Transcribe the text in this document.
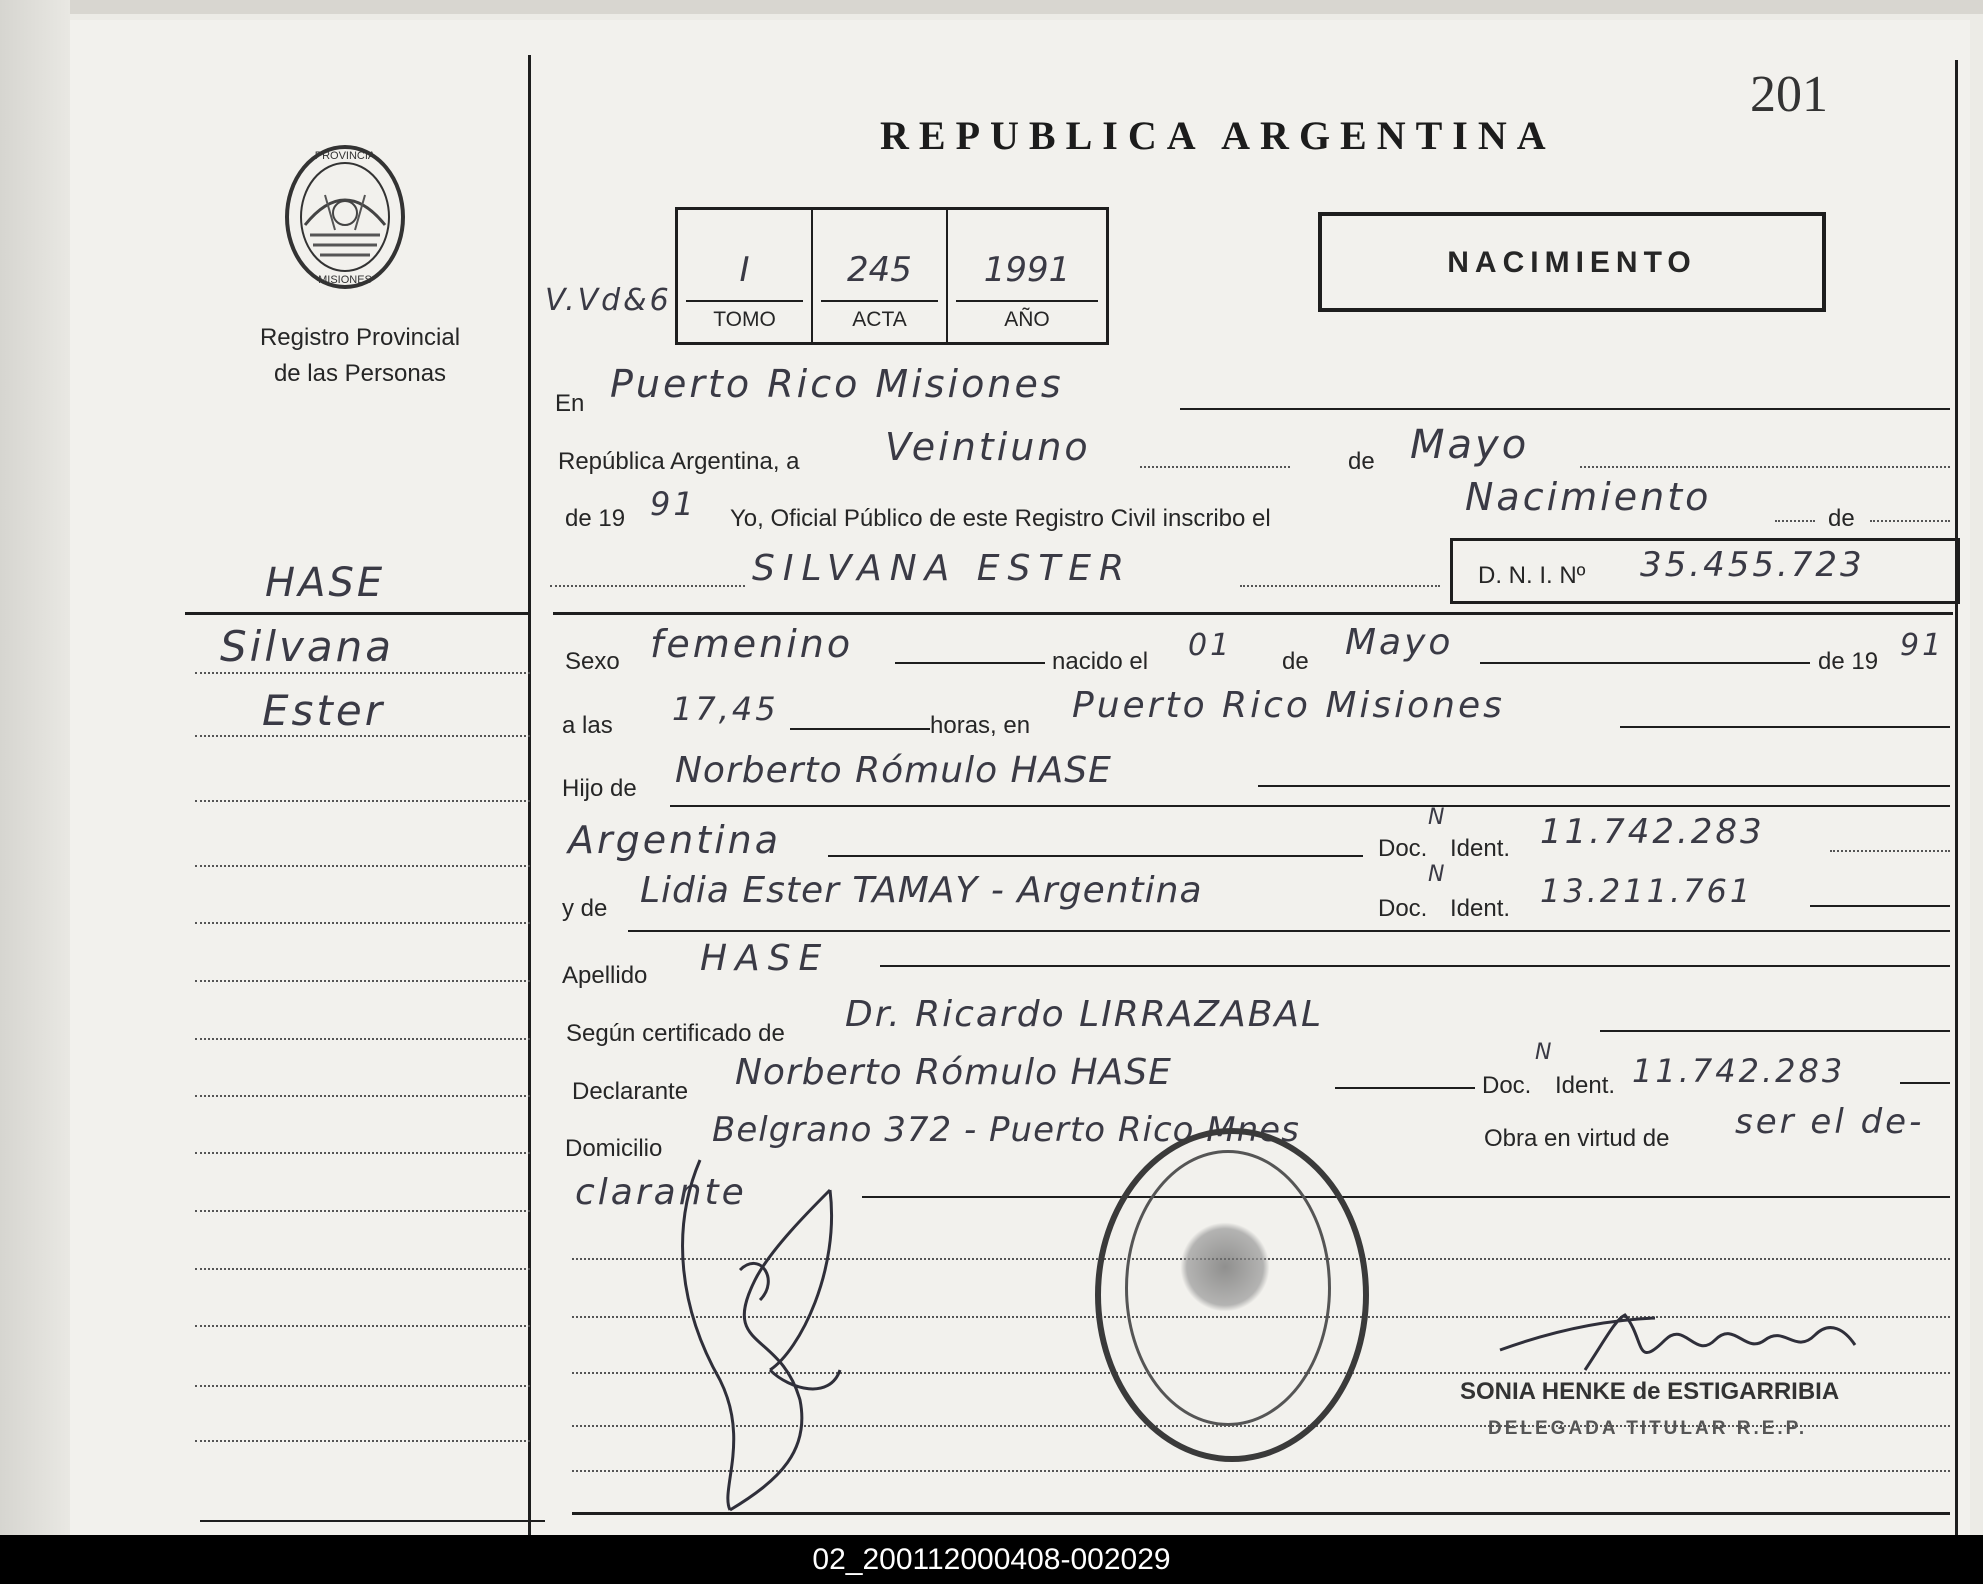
PROVINCIA
MISIONES
Registro Provincial
de las Personas
REPUBLICA ARGENTINA
201
V.Vd&6
I
TOMO
245
ACTA
1991
AÑO
NACIMIENTO
HASE
Silvana
Ester
En Puerto Rico Misiones
República Argentina, a Veintiuno	de Mayo
de 19 91 Yo, Oficial Público de este Registro Civil inscribo el	Nacimiento	de
SILVANA ESTER	D. N. I. Nº 35.455.723
Sexo femenino	nacido el 01 de Mayo	de 19 91
a las 17,45	horas, en Puerto Rico Misiones
Hijo de Norberto Rómulo HASE
Argentina	Doc.
N
Ident. 11.742.283
y de Lidia Ester TAMAY - Argentina	Doc.
N
Ident. 13.211.761
Apellido HASE
Según certificado de Dr. Ricardo LIRRAZABAL
Declarante Norberto Rómulo HASE	Doc.
N
Ident. 11.742.283
Domicilio Belgrano 372 - Puerto Rico Mnes	Obra en virtud de ser el de-
clarante
SONIA HENKE de ESTIGARRIBIA
DELEGADA TITULAR R.E.P.
02_200112000408-002029
